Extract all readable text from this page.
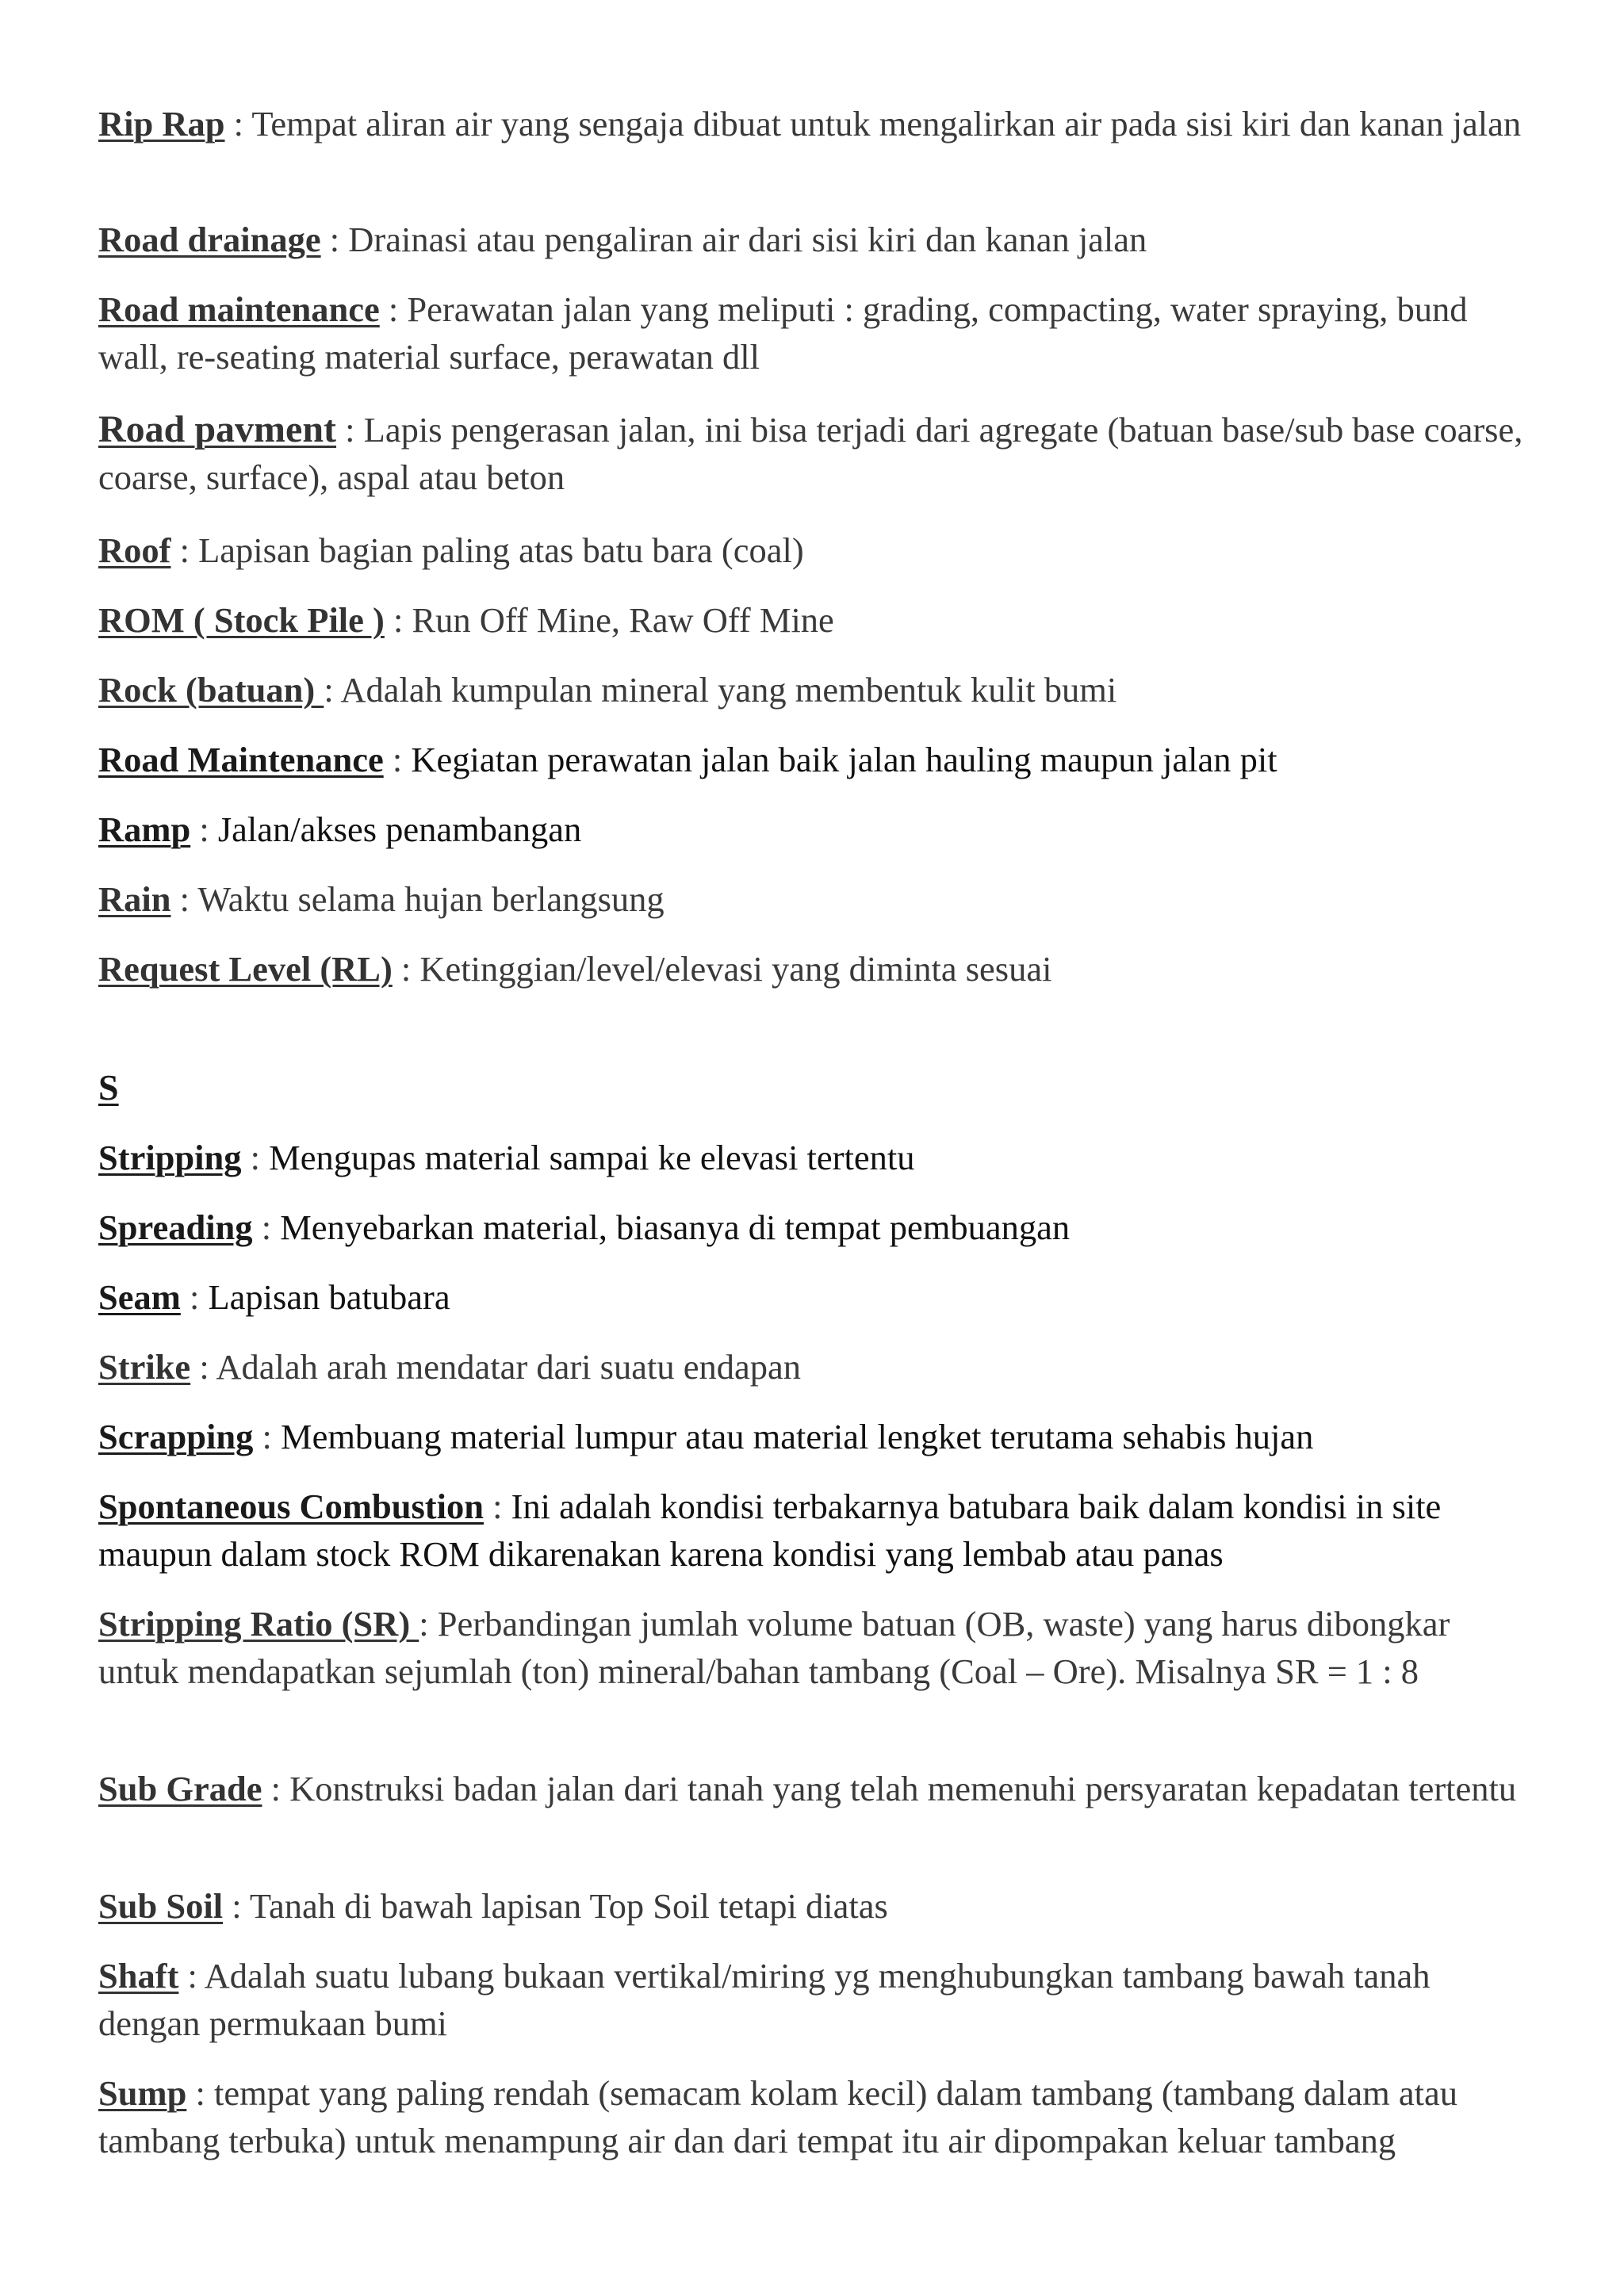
Rip Rap : Tempat aliran air yang sengaja dibuat untuk mengalirkan air pada sisi kiri dan kanan jalan

Road drainage : Drainasi atau pengaliran air dari sisi kiri dan kanan jalan

Road maintenance : Perawatan jalan yang meliputi : grading, compacting, water spraying, bund wall, re-seating material surface, perawatan dll

Road pavment : Lapis pengerasan jalan, ini bisa terjadi dari agregate (batuan base/sub base coarse, coarse, surface), aspal atau beton

Roof : Lapisan bagian paling atas batu bara (coal)

ROM ( Stock Pile ) : Run Off Mine, Raw Off Mine

Rock (batuan) : Adalah kumpulan mineral yang membentuk kulit bumi

Road Maintenance : Kegiatan perawatan jalan baik jalan hauling maupun jalan pit

Ramp : Jalan/akses penambangan

Rain : Waktu selama hujan berlangsung

Request Level (RL) : Ketinggian/level/elevasi yang diminta sesuai

S

Stripping : Mengupas material sampai ke elevasi tertentu

Spreading : Menyebarkan material, biasanya di tempat pembuangan

Seam : Lapisan batubara

Strike : Adalah arah mendatar dari suatu endapan

Scrapping : Membuang material lumpur atau material lengket terutama sehabis hujan

Spontaneous Combustion : Ini adalah kondisi terbakarnya batubara baik dalam kondisi in site maupun dalam stock ROM dikarenakan karena kondisi yang lembab atau panas

Stripping Ratio (SR) : Perbandingan jumlah volume batuan (OB, waste) yang harus dibongkar untuk mendapatkan sejumlah (ton) mineral/bahan tambang (Coal – Ore). Misalnya SR = 1 : 8

Sub Grade : Konstruksi badan jalan dari tanah yang telah memenuhi persyaratan kepadatan tertentu

Sub Soil : Tanah di bawah lapisan Top Soil tetapi diatas

Shaft : Adalah suatu lubang bukaan vertikal/miring yg menghubungkan tambang bawah tanah dengan permukaan bumi

Sump : tempat yang paling rendah (semacam kolam kecil) dalam tambang (tambang dalam atau tambang terbuka) untuk menampung air dan dari tempat itu air dipompakan keluar tambang
